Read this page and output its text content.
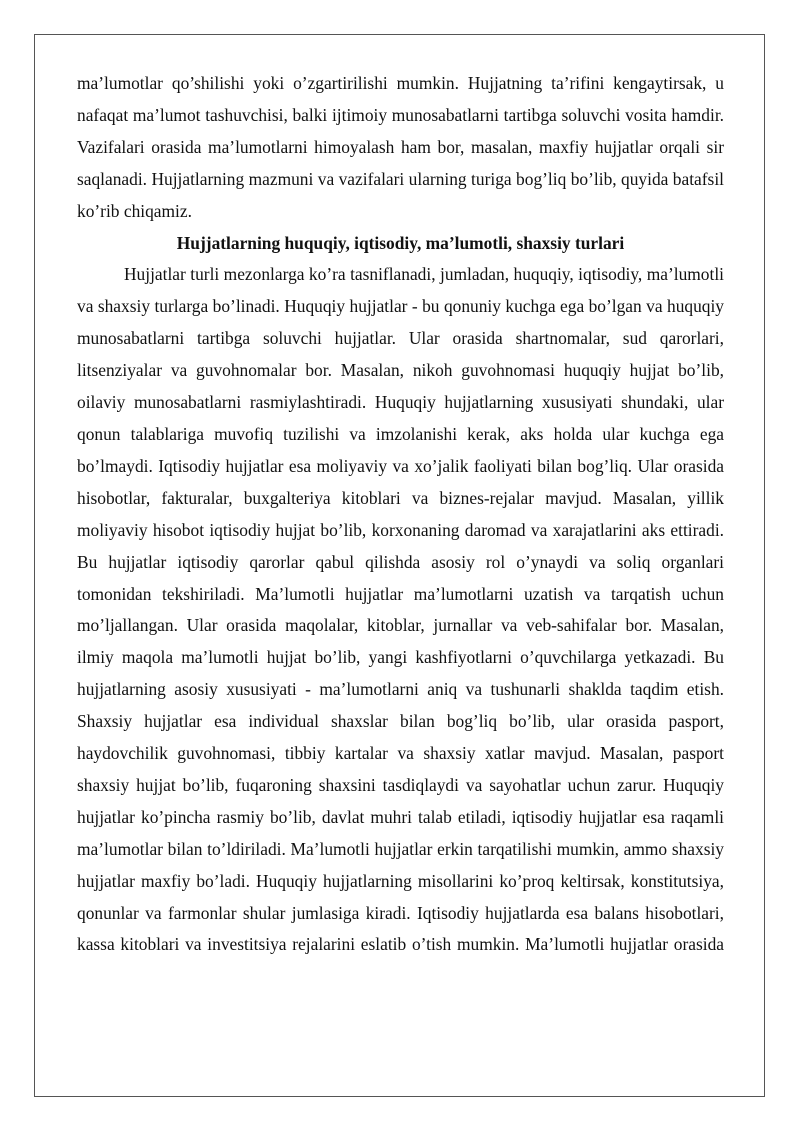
ma’lumotlar qo’shilishi yoki o’zgartirilishi mumkin. Hujjatning ta’rifini kengaytirsak, u nafaqat ma’lumot tashuvchisi, balki ijtimoiy munosabatlarni tartibga soluvchi vosita hamdir. Vazifalari orasida ma’lumotlarni himoyalash ham bor, masalan, maxfiy hujjatlar orqali sir saqlanadi. Hujjatlarning mazmuni va vazifalari ularning turiga bog’liq bo’lib, quyida batafsil ko’rib chiqamiz.

Hujjatlarning huquqiy, iqtisodiy, ma’lumotli, shaxsiy turlari

Hujjatlar turli mezonlarga ko’ra tasniflanadi, jumladan, huquqiy, iqtisodiy, ma’lumotli va shaxsiy turlarga bo’linadi. Huquqiy hujjatlar - bu qonuniy kuchga ega bo’lgan va huquqiy munosabatlarni tartibga soluvchi hujjatlar. Ular orasida shartnomalar, sud qarorlari, litsenziyalar va guvohnomalar bor. Masalan, nikoh guvohnomasi huquqiy hujjat bo’lib, oilaviy munosabatlarni rasmiylashtiradi. Huquqiy hujjatlarning xususiyati shundaki, ular qonun talablariga muvofiq tuzilishi va imzolanishi kerak, aks holda ular kuchga ega bo’lmaydi. Iqtisodiy hujjatlar esa moliyaviy va xo’jalik faoliyati bilan bog’liq. Ular orasida hisobotlar, fakturalar, buxgalteriya kitoblari va biznes-rejalar mavjud. Masalan, yillik moliyaviy hisobot iqtisodiy hujjat bo’lib, korxonaning daromad va xarajatlarini aks ettiradi. Bu hujjatlar iqtisodiy qarorlar qabul qilishda asosiy rol o’ynaydi va soliq organlari tomonidan tekshiriladi. Ma’lumotli hujjatlar ma’lumotlarni uzatish va tarqatish uchun mo’ljallangan. Ular orasida maqolalar, kitoblar, jurnallar va veb-sahifalar bor. Masalan, ilmiy maqola ma’lumotli hujjat bo’lib, yangi kashfiyotlarni o’quvchilarga yetkazadi. Bu hujjatlarning asosiy xususiyati - ma’lumotlarni aniq va tushunarli shaklda taqdim etish. Shaxsiy hujjatlar esa individual shaxslar bilan bog’liq bo’lib, ular orasida pasport, haydovchilik guvohnomasi, tibbiy kartalar va shaxsiy xatlar mavjud. Masalan, pasport shaxsiy hujjat bo’lib, fuqaroning shaxsini tasdiqlaydi va sayohatlar uchun zarur. Huquqiy hujjatlar ko’pincha rasmiy bo’lib, davlat muhri talab etiladi, iqtisodiy hujjatlar esa raqamli ma’lumotlar bilan to’ldiriladi. Ma’lumotli hujjatlar erkin tarqatilishi mumkin, ammo shaxsiy hujjatlar maxfiy bo’ladi. Huquqiy hujjatlarning misollarini ko’proq keltirsak, konstitutsiya, qonunlar va farmonlar shular jumlasiga kiradi. Iqtisodiy hujjatlarda esa balans hisobotlari, kassa kitoblari va investitsiya rejalarini eslatib o’tish mumkin. Ma’lumotli hujjatlar orasida
